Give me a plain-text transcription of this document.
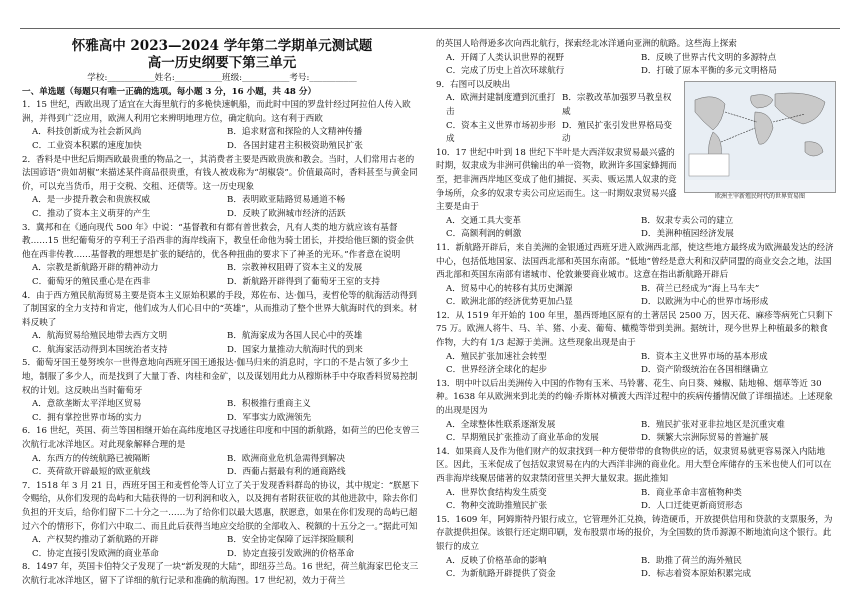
怀雅高中 2023—2024 学年第二学期单元测试题
高一历史纲要下第三单元
学校:___________姓名:___________班级:___________考号:___________
一、单选题（每题只有唯一正确的选项。每小题 3 分，16 小题，共 48 分）
1．15 世纪，西欧出现了适宜在大海里航行的多桅快速帆船，而此时中国的罗盘针经过阿拉伯人传入欧洲，并得到广泛应用，欧洲人利用它来辨明地理方位，确定航向。这有利于西欧
A．科技创新成为社会新风尚	B．追求财富和探险的人文精神传播
C．工业资本积累的速度加快	D．各国封建君主积极资助殖民扩张
2．香料是中世纪后期西欧最贵重的物品之一，其消费者主要是西欧贵族和教会。当时，人们常用古老的法国谚语“贵如胡椒”来描述某件商品很贵重，有钱人被戏称为“胡椒袋”。价值最高时，香料甚至与黄金同价，可以充当货币，用于交税、交租、还债等。这一历史现象
A．是一步提升教会和贵族权威	B．表明欧亚陆路贸易通道不畅
C．推动了资本主义萌芽的产生	D．反映了欧洲城市经济的活跃
3．冀邦和在《通向现代 500 年》中说：“基督教和有都有普世救会，凡有人类的地方就应该有基督教……15 世纪葡萄牙的亨利王子沿西非的海岸线南下，教皇任命他为骑士团长，并授给他巨额的资金供他在西非传教……基督教的理想是扩张的疑结的，优各种扭曲的要求下了神圣的光环。”作者意在说明
A．宗教是新航路开辟的精神动力	B．宗教神权阻碍了资本主义的发展
C．葡萄牙的殖民重心是在西非	D．新航路开辟得到了葡萄牙王室的支持
4．由于西方殖民航海贸易主要是资本主义原始积累的手段，郑佐布、达·伽马，麦哲伦等的航海活动得到了制国家的全力支持和肯定，他们成为人们心目中的“英雄”，从而推动了整个世界大航海时代的到来。材料反映了
A．航海贸易给殖民地带去西方文明	B．航海家成为各国人民心中的英雄
C．航海家活动得到本国统治者支持	D．国家力量推动大航海时代的到来
5．葡萄牙国王曼努埃尔一世得意地向西班牙国王通报达·伽马归来的消息时，字口的不是占领了多少土地，制服了多少人，而是找到了大量丁香、肉桂和金矿，以及谋划用此力从穆斯林手中夺取香料贸易控制权的计划。这反映出当时葡萄牙
A．意欲垄断太平洋地区贸易	B．积极推行重商主义
C．拥有掌控世界市场的实力	D．军事实力欧洲领先
6．16 世纪，英国、荷兰等国相继开始在高纬度地区寻找通往印度和中国的新航路，如荷兰的巴伦支曾三次航行北冰洋地区。对此现象解释合理的是
A．东西方的传统航路已被隔断	B．欧洲商业危机急需得到解决
C．英荷欲开辟最短的欧亚航线	D．西葡占据最有利的通商路线
7．1518 年 3 月 21 日，西班牙国王和麦哲伦等人订立了关于发现香料群岛的协议，其中规定：“朕愿下令赐给，从你们发现的岛屿和大陆获得的一切利润和收入，以及拥有者附获征收的其他进款中，除去你们负担的开支后，给你们留下二十分之一……为了给你们以最大恩惠，朕愿意，如果在你们发现的岛屿已超过六个的情形下，你们六中取二、而且此后获得当地应交给朕的全部收入、税额的十五分之一。”据此可知
A．产权契约推动了新航路的开辟	B．安全协定保障了远洋探险顺利
C．协定直接引发欧洲的商业革命	D．协定直接引发欧洲的价格革命
8．1497 年，英国卡伯特父子发现了一块“新发现的大陆”，即纽芬兰岛。16 世纪，荷兰航海家巴伦支三次航行北冰洋地区，留下了详细的航行记录和准确的航海图。17 世纪初，效力于荷兰
的英国人哈得逊多次向西北航行，探索经北冰洋通向亚洲的航路。这些海上探索
A．开阔了人类认识世界的视野	B．反映了世界古代文明的多源特点
C．完成了历史上首次环球航行	D．打破了原本平衡的多元文明格局
欧洲主宰新殖民时代的世界贸易图
9．右图可以反映出
A．欧洲封建制度遭到沉重打击
B．宗教改革加强罗马教皇权威
C．资本主义世界市场初步形成
D．殖民扩张引发世界格局变动
10．17 世纪中叶到 18 世纪下半叶是大西洋奴隶贸易最兴盛的时期，奴隶成为非洲可供输出的单一资物，欧洲许多国家蜂拥而至，把非洲西岸地区变成了他们捕捉、买卖、贩运黑人奴隶的竞争场所，众多的奴隶专卖公司应运而生。这一时期奴隶贸易兴盛主要是由于
A．交通工具大变革	B．奴隶专卖公司的建立
C．高额利润的刺激	D．美洲种植园经济发展
11．新航路开辟后，来自美洲的金银通过西班牙进入欧洲西北部，使这些地方最终成为欧洲最发达的经济中心，包括低地国家、法国西北部和英国东南部。“低地”曾经是意大利和汉萨同盟的商业交会之地，法国西北部和英国东南部有诸城市、伦敦兼要商业城市。这意在指出新航路开辟后
A．贸易中心的转移有其历史渊源	B．荷兰已经成为“海上马车夫”
C．欧洲北部的经济优势更加凸显	D．以欧洲为中心的世界市场形成
12．从 1519 年开始的 100 年里，墨西哥地区原有的土著居民 2500 万，因天花、麻疹等病死亡只剩下 75 万。欧洲人将牛、马、羊、猪、小麦、葡萄、橄榄等带到美洲。据统计，现今世界上种植最多的粮食作物，大约有 1/3 起源于美洲。这些现象出现是由于
A．殖民扩张加速社会转型	B．资本主义世界市场的基本形成
C．世界经济全球化的起步	D．资产阶级统治在各国相继确立
13．明中叶以后出美洲传入中国的作物有玉米、马铃薯、花生、向日葵、辣椒、陆地棉、烟草等近 30 种。1638 年从欧洲来到北美的约翰·乔斯林对横渡大西洋过程中的疾病传播情况做了详细描述。上述现象的出现是因为
A．全球整体性联系逐渐发展	B．殖民扩张对亚非拉地区是沉重灾难
C．早期殖民扩张推动了商业革命的发展	D．频繁大宗洲际贸易的普遍扩展
14．如果商人及作为他们财产的奴隶找到一种方便带带的食物供应的话，奴隶贸易就更容易深入内陆地区。因此，玉米促成了包括奴隶贸易在内的大西洋非洲的商业化。用大型仓库储存的玉米也使人们可以在西非海岸线聚居储著的奴隶禁闭营里关押大量奴隶。据此推知
A．世界饮食结构发生质变	B．商业革命丰富植物种类
C．物种交流助推殖民扩张	D．人口迁徙更新商贸形态
15．1609 年，阿姆斯特丹银行成立，它管理外汇兑换，铸造硬币，开放提供信用和贷款的支票服务，为存款提供担保。该银行还定期印刷，发布股票市场的报价，为全国数的货币源源不断地流向这个银行。此银行的成立
A．反映了价格革命的影响	B．助推了荷兰的海外殖民
C．为新航路开辟提供了资金	D．标志着资本原始积累完成
